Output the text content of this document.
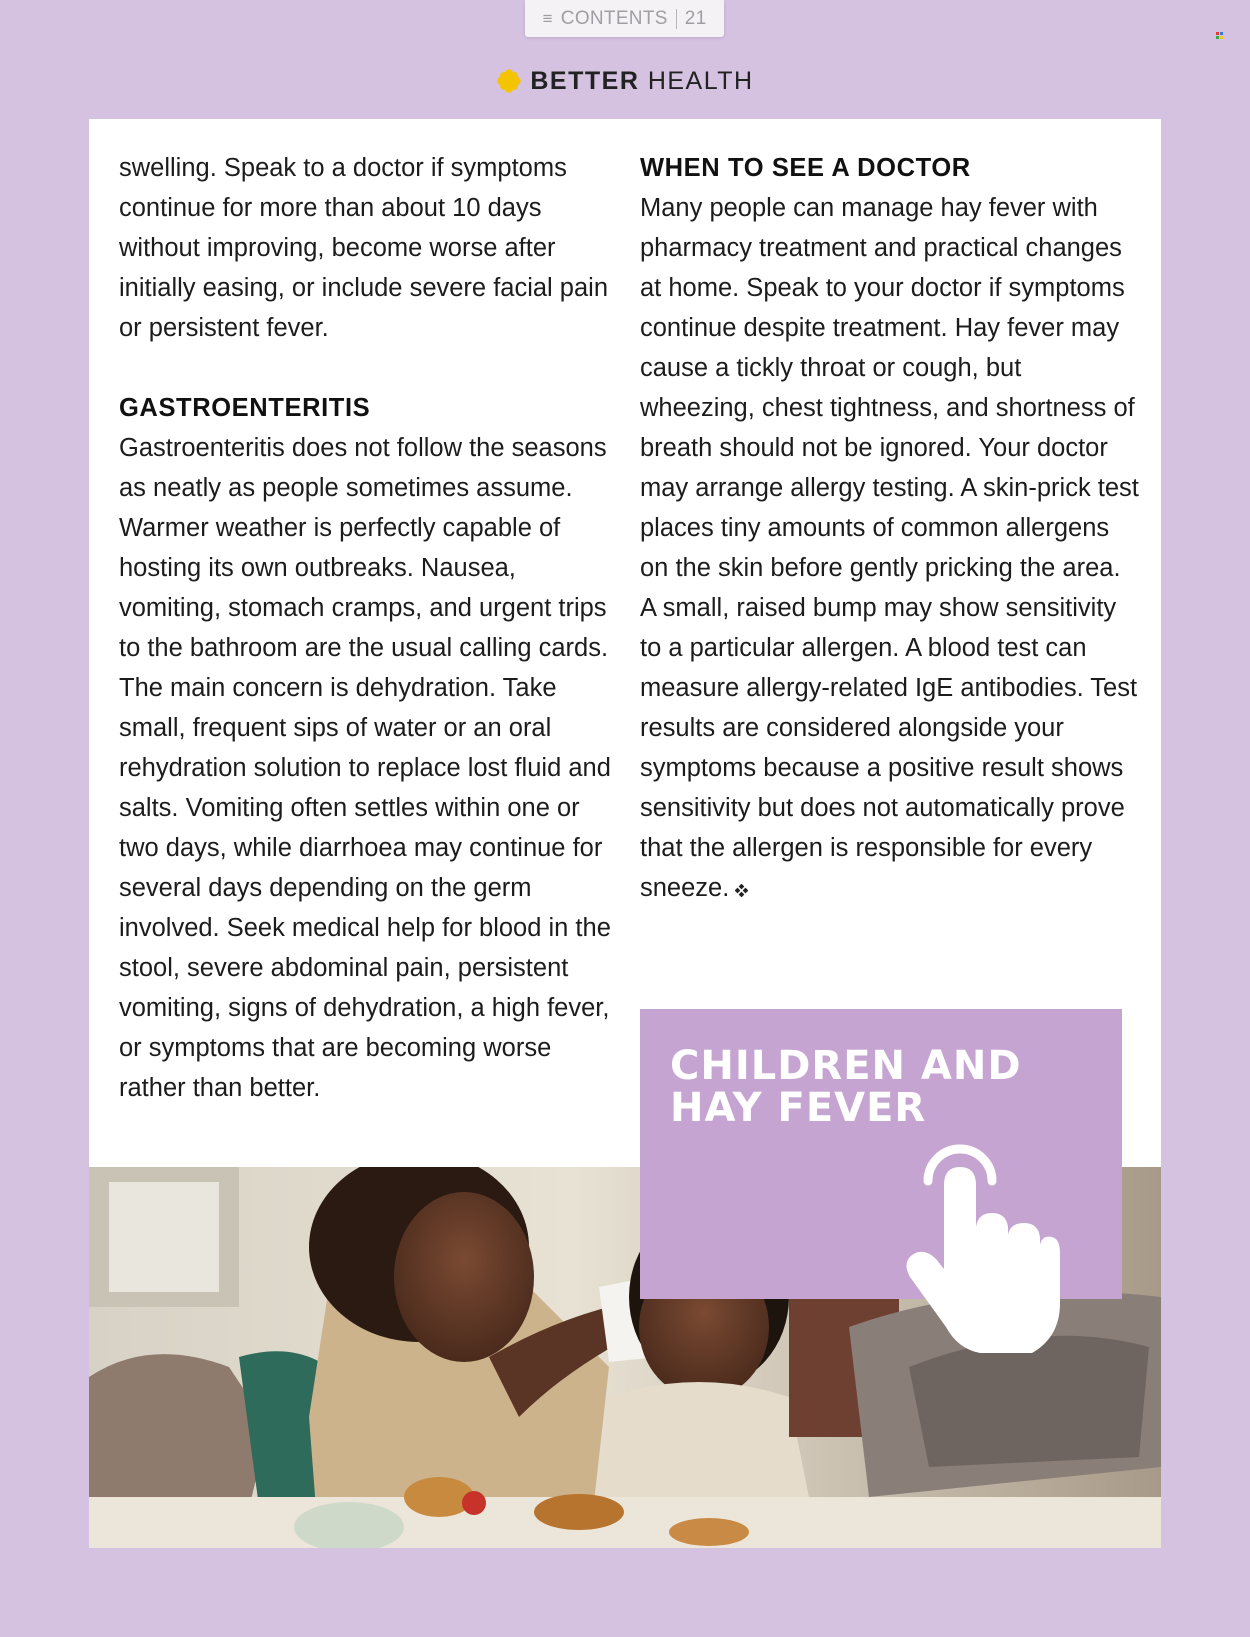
≡ CONTENTS 21
BETTER HEALTH

swelling. Speak to a doctor if symptoms continue for more than about 10 days without improving, become worse after initially easing, or include severe facial pain or persistent fever.

GASTROENTERITIS

Gastroenteritis does not follow the seasons as neatly as people sometimes assume. Warmer weather is perfectly capable of hosting its own outbreaks. Nausea, vomiting, stomach cramps, and urgent trips to the bathroom are the usual calling cards. The main concern is dehydration. Take small, frequent sips of water or an oral rehydration solution to replace lost fluid and salts. Vomiting often settles within one or two days, while diarrhoea may continue for several days depending on the germ involved. Seek medical help for blood in the stool, severe abdominal pain, persistent vomiting, signs of dehydration, a high fever, or symptoms that are becoming worse rather than better.

WHEN TO SEE A DOCTOR

Many people can manage hay fever with pharmacy treatment and practical changes at home. Speak to your doctor if symptoms continue despite treatment. Hay fever may cause a tickly throat or cough, but wheezing, chest tightness, and shortness of breath should not be ignored. Your doctor may arrange allergy testing. A skin-prick test places tiny amounts of common allergens on the skin before gently pricking the area. A small, raised bump may show sensitivity to a particular allergen. A blood test can measure allergy-related IgE antibodies. Test results are considered alongside your symptoms because a positive result shows sensitivity but does not automatically prove that the allergen is responsible for every sneeze.

CHILDREN AND
HAY FEVER
